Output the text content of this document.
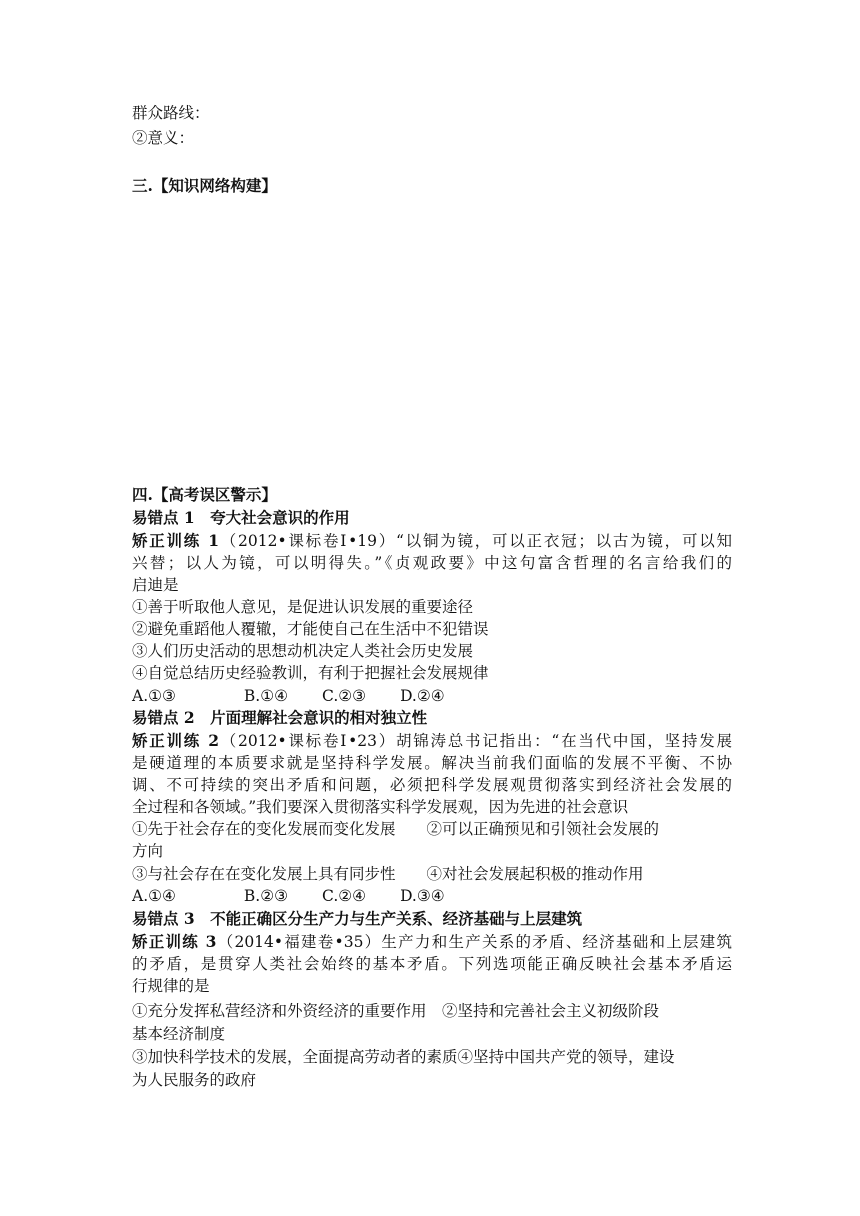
群众路线：
②意义：
三.【知识网络构建】
四.【高考误区警示】
易错点 1　夸大社会意识的作用
矫正训练 1（2012•课标卷Ⅰ•19）“以铜为镜，可以正衣冠；以古为镜，可以知
兴替；以人为镜，可以明得失。”《贞观政要》中这句富含哲理的名言给我们的
启迪是
①善于听取他人意见，是促进认识发展的重要途径
②避免重蹈他人覆辙，才能使自己在生活中不犯错误
③人们历史活动的思想动机决定人类社会历史发展
④自觉总结历史经验教训，有利于把握社会发展规律
A.①③	B.①④ C.②③ D.②④
易错点 2　片面理解社会意识的相对独立性
矫正训练 2（2012•课标卷Ⅰ•23）胡锦涛总书记指出：“在当代中国，坚持发展
是硬道理的本质要求就是坚持科学发展。解决当前我们面临的发展不平衡、不协
调、不可持续的突出矛盾和问题，必须把科学发展观贯彻落实到经济社会发展的
全过程和各领域。”我们要深入贯彻落实科学发展观，因为先进的社会意识
①先于社会存在的变化发展而变化发展　　②可以正确预见和引领社会发展的
方向
③与社会存在在变化发展上具有同步性　　④对社会发展起积极的推动作用
A.①④	B.②③ C.②④ D.③④
易错点 3　不能正确区分生产力与生产关系、经济基础与上层建筑
矫正训练 3（2014•福建卷•35）生产力和生产关系的矛盾、经济基础和上层建筑
的矛盾，是贯穿人类社会始终的基本矛盾。下列选项能正确反映社会基本矛盾运
行规律的是
①充分发挥私营经济和外资经济的重要作用　②坚持和完善社会主义初级阶段
基本经济制度
③加快科学技术的发展，全面提高劳动者的素质④坚持中国共产党的领导，建设
为人民服务的政府
